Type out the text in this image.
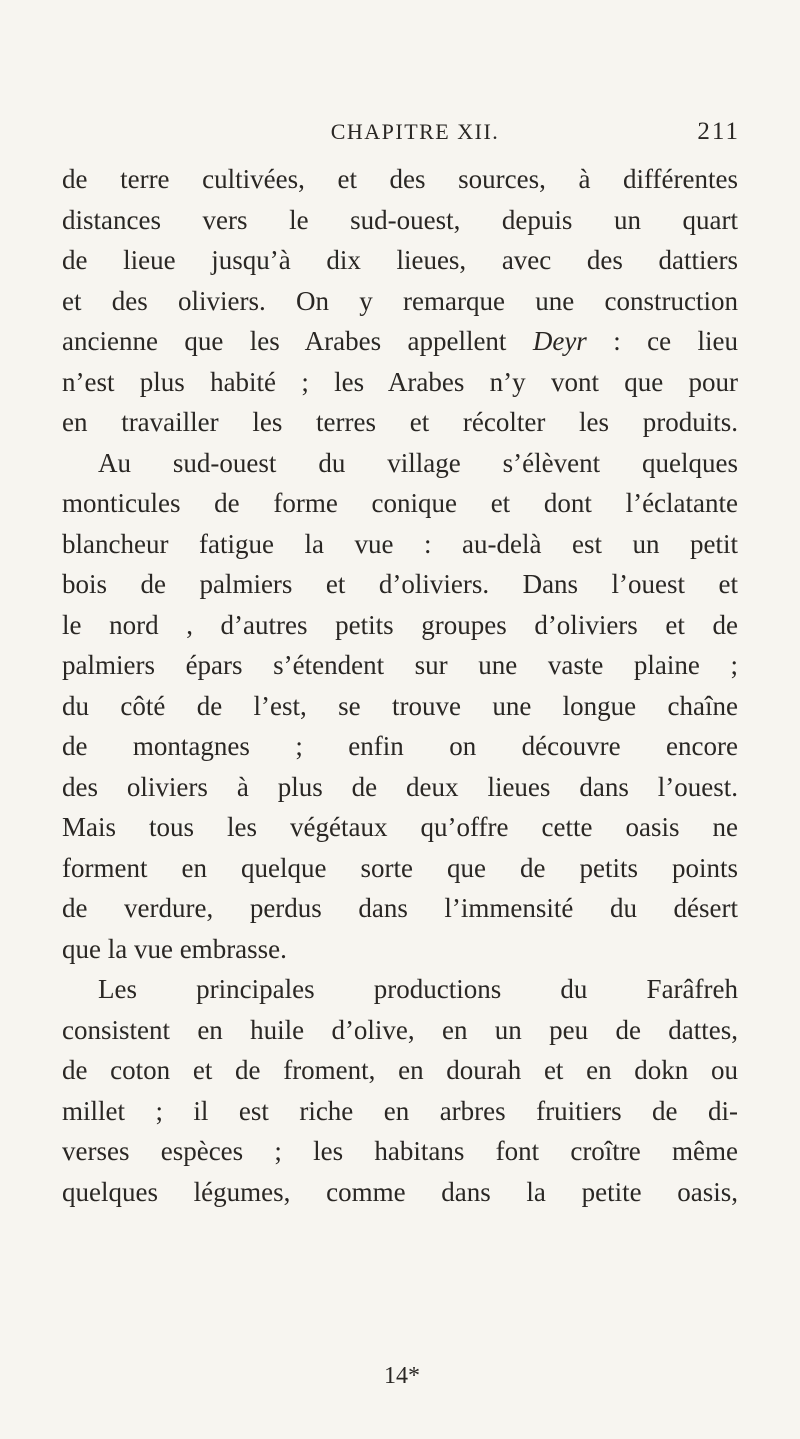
CHAPITRE XII.	211
de terre cultivées, et des sources, à différentes
distances vers le sud-ouest, depuis un quart
de lieue jusqu’à dix lieues, avec des dattiers
et des oliviers. On y remarque une construction
ancienne que les Arabes appellent Deyr : ce lieu
n’est plus habité ; les Arabes n’y vont que pour
en travailler les terres et récolter les produits.
Au sud-ouest du village s’élèvent quelques
monticules de forme conique et dont l’éclatante
blancheur fatigue la vue : au-delà est un petit
bois de palmiers et d’oliviers. Dans l’ouest et
le nord , d’autres petits groupes d’oliviers et de
palmiers épars s’étendent sur une vaste plaine ;
du côté de l’est, se trouve une longue chaîne
de montagnes ; enfin on découvre encore
des oliviers à plus de deux lieues dans l’ouest.
Mais tous les végétaux qu’offre cette oasis ne
forment en quelque sorte que de petits points
de verdure, perdus dans l’immensité du désert
que la vue embrasse.
Les principales productions du Farâfreh
consistent en huile d’olive, en un peu de dattes,
de coton et de froment, en dourah et en dokn ou
millet ; il est riche en arbres fruitiers de di-
verses espèces ; les habitans font croître même
quelques légumes, comme dans la petite oasis,
14*
